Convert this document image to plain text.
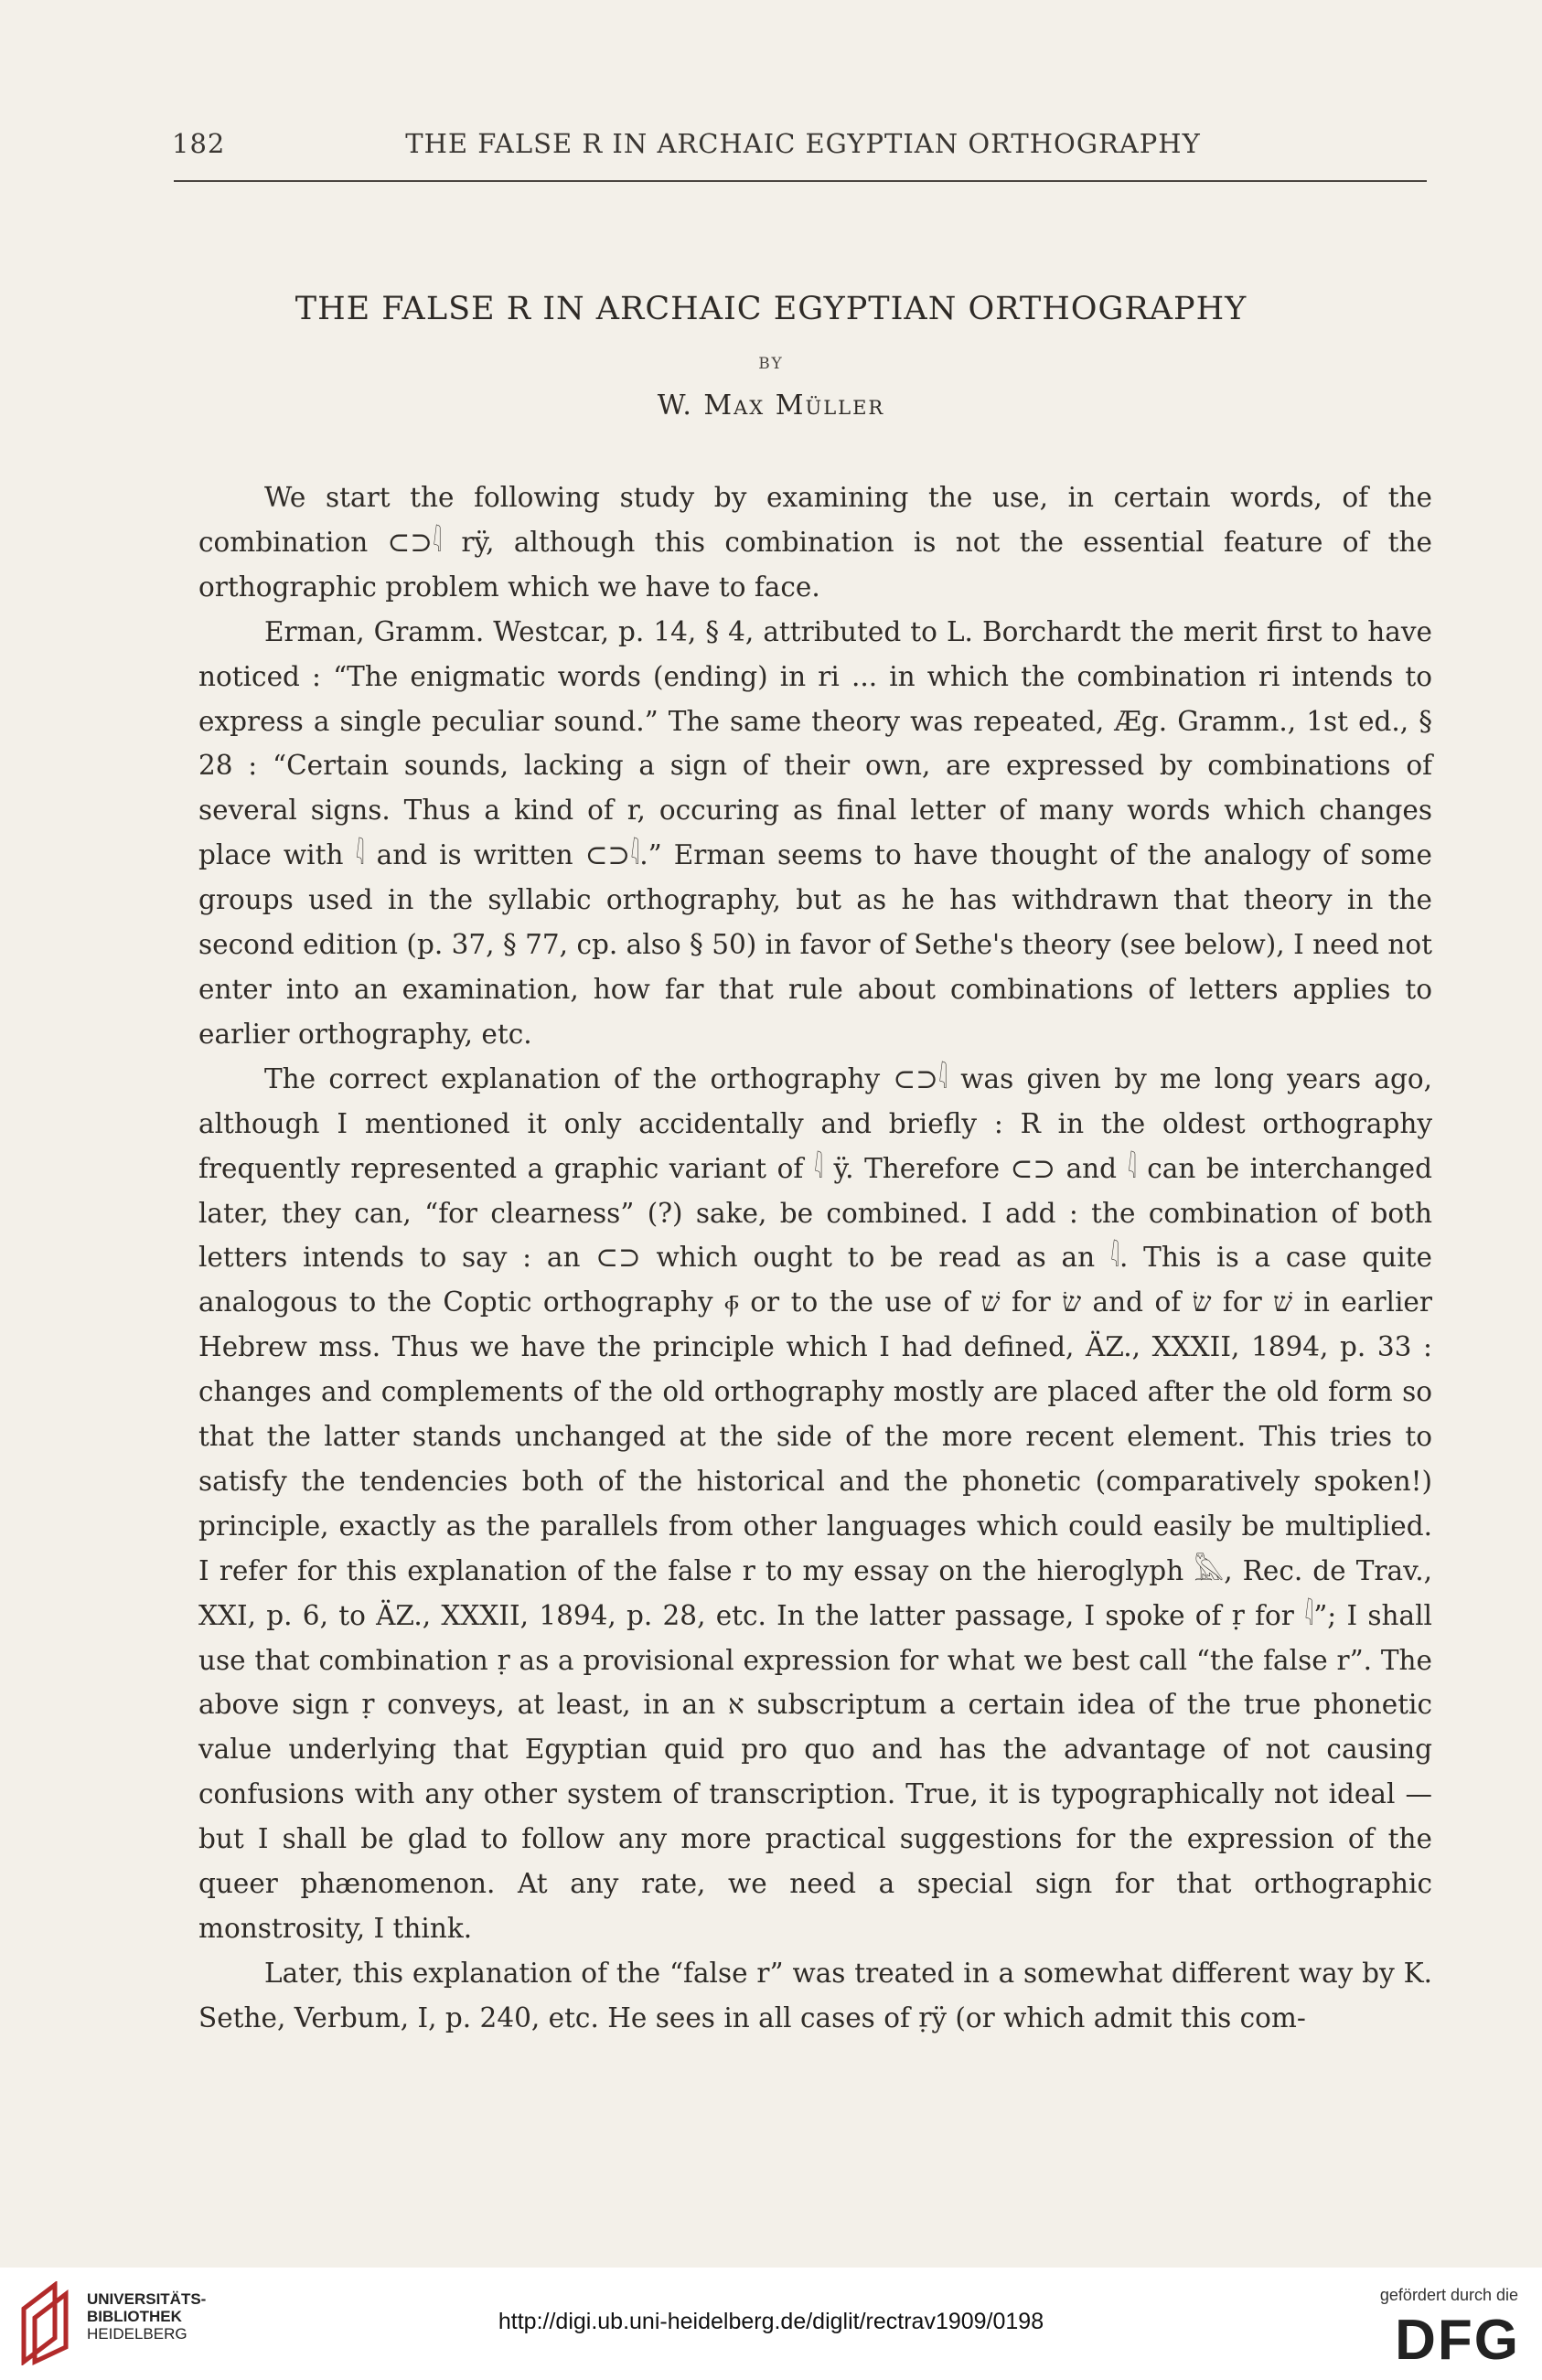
182	THE FALSE R IN ARCHAIC EGYPTIAN ORTHOGRAPHY
THE FALSE R IN ARCHAIC EGYPTIAN ORTHOGRAPHY
BY
W. Max Müller

We start the following study by examining the use, in certain words, of the combination ⊂⊃𓇋 rÿ, although this combination is not the essential feature of the orthographic problem which we have to face.

Erman, Gramm. Westcar, p. 14, § 4, attributed to L. Borchardt the merit first to have noticed : “The enigmatic words (ending) in ri ... in which the combination ri intends to express a single peculiar sound.” The same theory was repeated, Æg. Gramm., 1st ed., § 28 : “Certain sounds, lacking a sign of their own, are expressed by combinations of several signs. Thus a kind of r, occuring as final letter of many words which changes place with 𓇋 and is written ⊂⊃𓇋.” Erman seems to have thought of the analogy of some groups used in the syllabic orthography, but as he has withdrawn that theory in the second edition (p. 37, § 77, cp. also § 50) in favor of Sethe's theory (see below), I need not enter into an examination, how far that rule about combinations of letters applies to earlier orthography, etc.

The correct explanation of the orthography ⊂⊃𓇋 was given by me long years ago, although I mentioned it only accidentally and briefly : R in the oldest orthography frequently represented a graphic variant of 𓇋 ÿ. Therefore ⊂⊃ and 𓇋 can be interchanged later, they can, “for clearness” (?) sake, be combined. I add : the combination of both letters intends to say : an ⊂⊃ which ought to be read as an 𓇋. This is a case quite analogous to the Coptic orthography ⲫ̄ or to the use of שׁ for שׂ and of שׂ for שׁ in earlier Hebrew mss. Thus we have the principle which I had defined, ÄZ., XXXII, 1894, p. 33 : changes and complements of the old orthography mostly are placed after the old form so that the latter stands unchanged at the side of the more recent element. This tries to satisfy the tendencies both of the historical and the phonetic (comparatively spoken!) principle, exactly as the parallels from other languages which could easily be multiplied. I refer for this explanation of the false r to my essay on the hieroglyph 𓅓, Rec. de Trav., XXI, p. 6, to ÄZ., XXXII, 1894, p. 28, etc. In the latter passage, I spoke of ṛ for 𓇋”; I shall use that combination ṛ as a provisional expression for what we best call “the false r”. The above sign ṛ conveys, at least, in an א subscriptum a certain idea of the true phonetic value underlying that Egyptian quid pro quo and has the advantage of not causing confusions with any other system of transcription. True, it is typographically not ideal — but I shall be glad to follow any more practical suggestions for the expression of the queer phænomenon. At any rate, we need a special sign for that orthographic monstrosity, I think.

Later, this explanation of the “false r” was treated in a somewhat different way by K. Sethe, Verbum, I, p. 240, etc. He sees in all cases of ṛÿ (or which admit this com-

UNIVERSITÄTS-
BIBLIOTHEK
HEIDELBERG	http://digi.ub.uni-heidelberg.de/diglit/rectrav1909/0198
gefördert durch die
DFG
